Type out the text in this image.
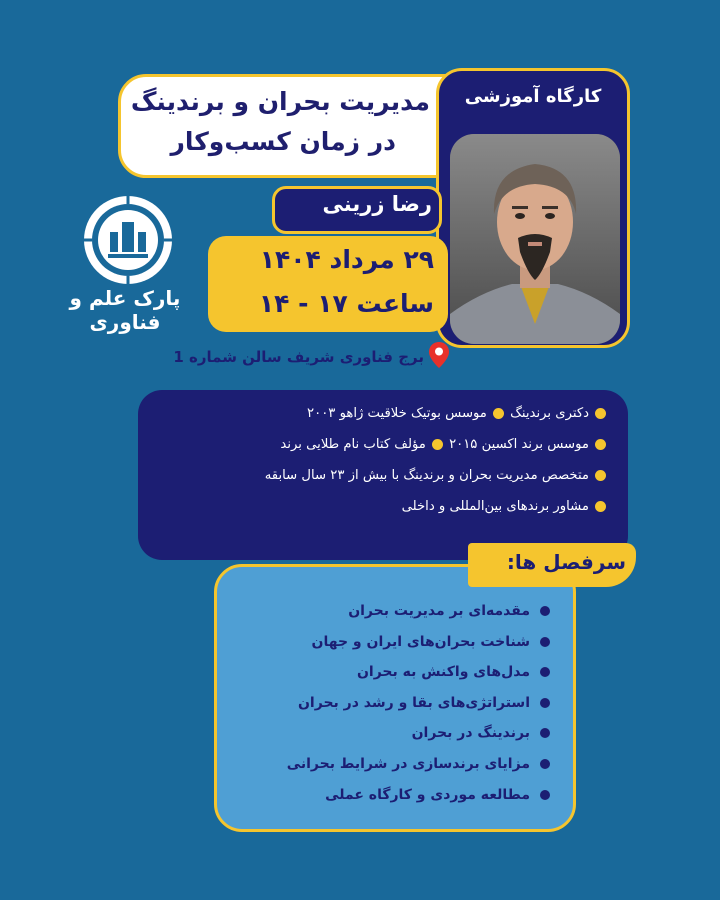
مدیریت بحران و برندینگ
در زمان کسب‌وکار
کارگاه آموزشی
پارک علم و فناوری
رضا زرینی
۲۹ مرداد ۱۴۰۴
ساعت ۱۷ - ۱۴
برج فناوری شریف سالن شماره 1
دکتری برندینگ موسس بوتیک خلاقیت ژاهو ۲۰۰۳
موسس برند اکسین ۲۰۱۵ مؤلف کتاب نام طلایی برند
متخصص مدیریت بحران و برندینگ با بیش از ۲۳ سال سابقه
مشاور برندهای بین‌المللی و داخلی
سرفصل ها:
مقدمه‌ای بر مدیریت بحران
شناخت بحران‌های ایران و جهان
مدل‌های واکنش به بحران
استراتژی‌های بقا و رشد در بحران
برندینگ در بحران
مزایای برندسازی در شرایط بحرانی
مطالعه موردی و کارگاه عملی
